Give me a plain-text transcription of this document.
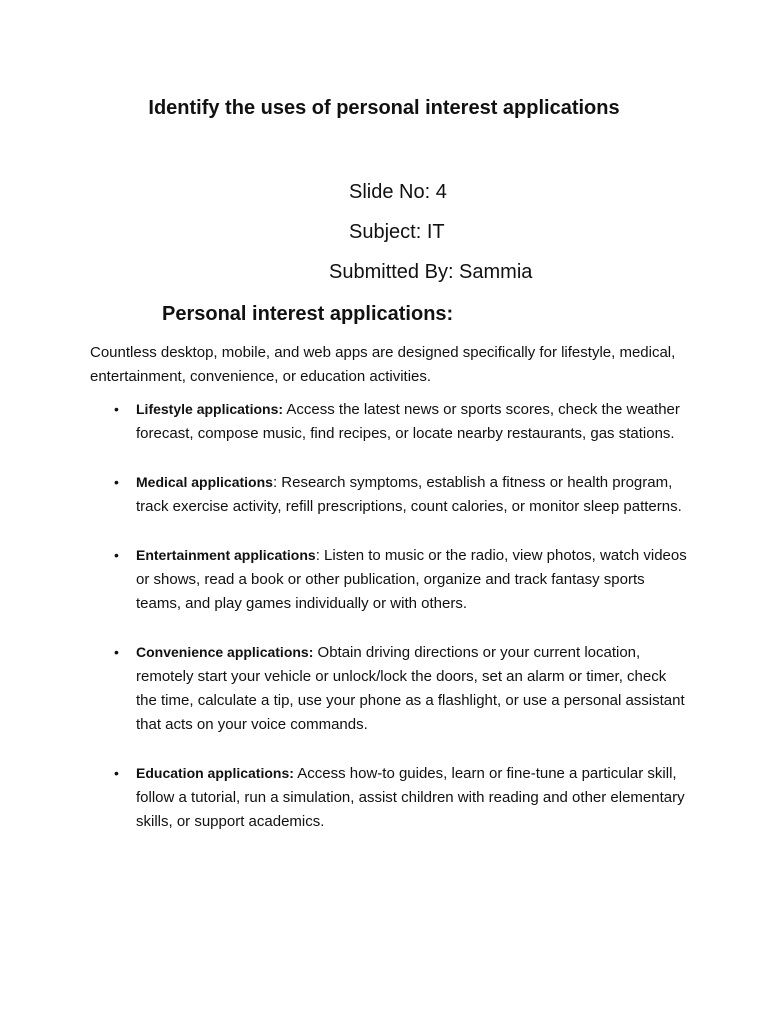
Identify the uses of personal interest applications
Slide No: 4
Subject: IT
Submitted By: Sammia
Personal interest applications:
Countless desktop, mobile, and web apps are designed specifically for lifestyle, medical, entertainment, convenience, or education activities.
• Lifestyle applications: Access the latest news or sports scores, check the weather forecast, compose music, find recipes, or locate nearby restaurants, gas stations.
• Medical applications: Research symptoms, establish a fitness or health program, track exercise activity, refill prescriptions, count calories, or monitor sleep patterns.
• Entertainment applications: Listen to music or the radio, view photos, watch videos or shows, read a book or other publication, organize and track fantasy sports teams, and play games individually or with others.
• Convenience applications: Obtain driving directions or your current location, remotely start your vehicle or unlock/lock the doors, set an alarm or timer, check the time, calculate a tip, use your phone as a flashlight, or use a personal assistant that acts on your voice commands.
• Education applications: Access how-to guides, learn or fine-tune a particular skill, follow a tutorial, run a simulation, assist children with reading and other elementary skills, or support academics.
